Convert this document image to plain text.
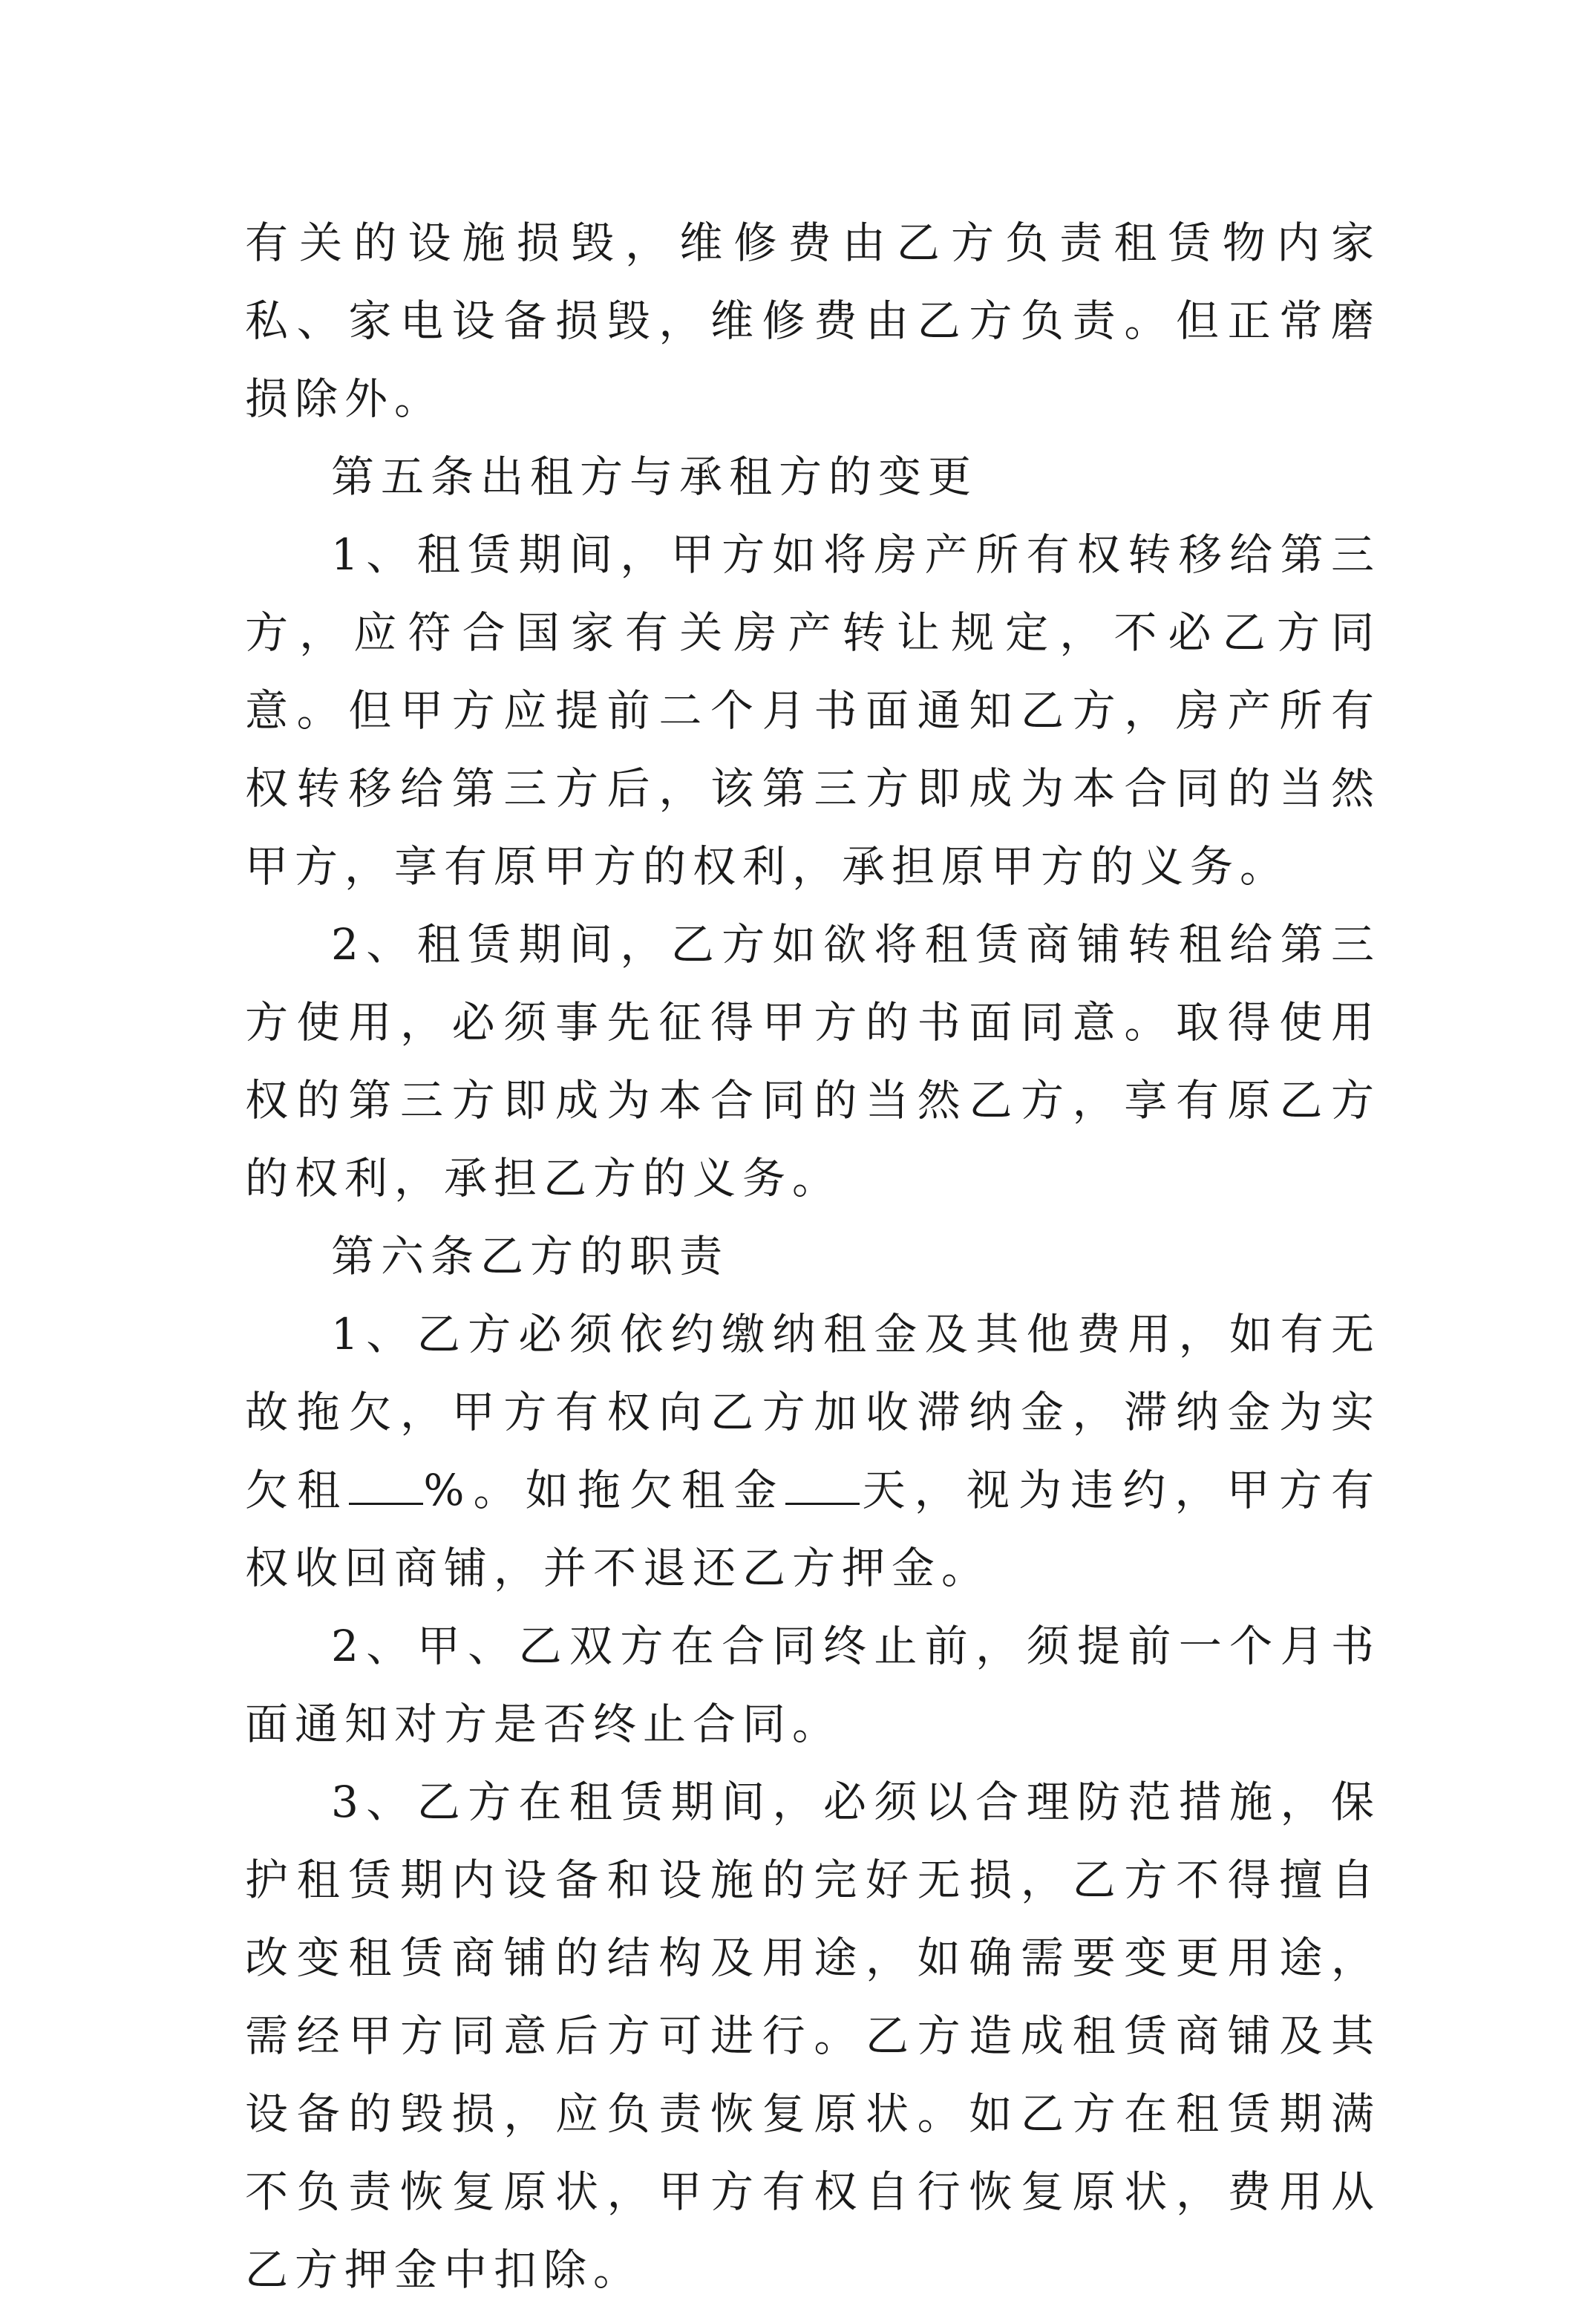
有关的设施损毁，维修费由乙方负责租赁物内家私、家电设备损毁，维修费由乙方负责。但正常磨损除外。

第五条出租方与承租方的变更

1、租赁期间，甲方如将房产所有权转移给第三方，应符合国家有关房产转让规定，不必乙方同意。但甲方应提前二个月书面通知乙方，房产所有权转移给第三方后，该第三方即成为本合同的当然甲方，享有原甲方的权利，承担原甲方的义务。

2、租赁期间，乙方如欲将租赁商铺转租给第三方使用，必须事先征得甲方的书面同意。取得使用权的第三方即成为本合同的当然乙方，享有原乙方的权利，承担乙方的义务。

第六条乙方的职责

1、乙方必须依约缴纳租金及其他费用，如有无故拖欠，甲方有权向乙方加收滞纳金，滞纳金为实欠租 %。如拖欠租金 天，视为违约，甲方有权收回商铺，并不退还乙方押金。

2、甲、乙双方在合同终止前，须提前一个月书面通知对方是否终止合同。

3、乙方在租赁期间，必须以合理防范措施，保护租赁期内设备和设施的完好无损，乙方不得擅自改变租赁商铺的结构及用途，如确需要变更用途，需经甲方同意后方可进行。乙方造成租赁商铺及其设备的毁损，应负责恢复原状。如乙方在租赁期满不负责恢复原状，甲方有权自行恢复原状，费用从乙方押金中扣除。
